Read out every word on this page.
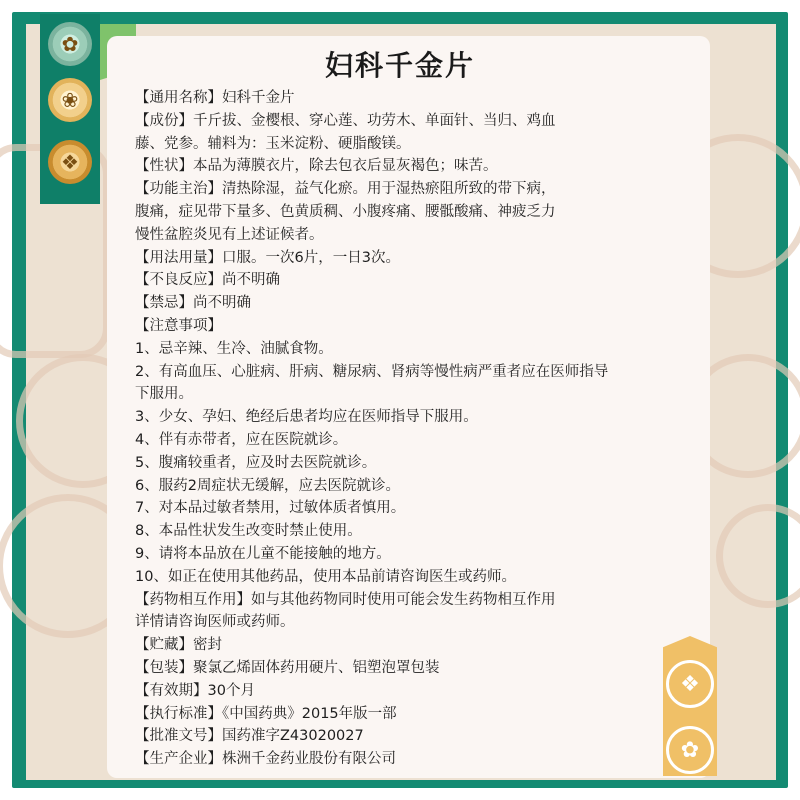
✿
❀
❖
❖
✿
妇科千金片
【通用名称】妇科千金片
【成份】千斤拔、金樱根、穿心莲、功劳木、单面针、当归、鸡血
藤、党参。辅料为：玉米淀粉、硬脂酸镁。
【性状】本品为薄膜衣片，除去包衣后显灰褐色；味苦。
【功能主治】清热除湿，益气化瘀。用于湿热瘀阻所致的带下病，
腹痛，症见带下量多、色黄质稠、小腹疼痛、腰骶酸痛、神疲乏力
慢性盆腔炎见有上述证候者。
【用法用量】口服。一次6片，一日3次。
【不良反应】尚不明确
【禁忌】尚不明确
【注意事项】
1、忌辛辣、生冷、油腻食物。
2、有高血压、心脏病、肝病、糖尿病、肾病等慢性病严重者应在医师指导
下服用。
3、少女、孕妇、绝经后患者均应在医师指导下服用。
4、伴有赤带者，应在医院就诊。
5、腹痛较重者，应及时去医院就诊。
6、服药2周症状无缓解，应去医院就诊。
7、对本品过敏者禁用，过敏体质者慎用。
8、本品性状发生改变时禁止使用。
9、请将本品放在儿童不能接触的地方。
10、如正在使用其他药品，使用本品前请咨询医生或药师。
【药物相互作用】如与其他药物同时使用可能会发生药物相互作用
详情请咨询医师或药师。
【贮藏】密封
【包装】聚氯乙烯固体药用硬片、铝塑泡罩包装
【有效期】30个月
【执行标准】《中国药典》2015年版一部
【批准文号】国药准字Z43020027
【生产企业】株洲千金药业股份有限公司
